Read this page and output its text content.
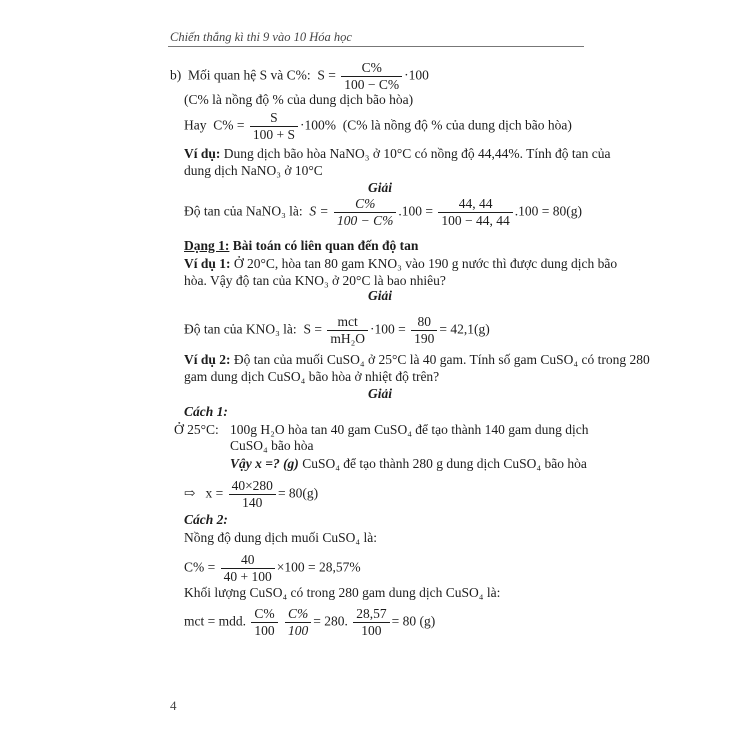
Chiến thắng kì thi 9 vào 10 Hóa học
b) Mối quan hệ S và C%: $S = \frac{C\%}{100 - C\%} \cdot 100$
(C% là nồng độ % của dung dịch bão hòa)
Hay $C\% = \frac{S}{100 + S} \cdot 100\%$ (C% là nồng độ % của dung dịch bão hòa)
Ví dụ: Dung dịch bão hòa NaNO₃ ở 10°C có nồng độ 44,44%. Tính độ tan của
dung dịch NaNO₃ ở 10°C
Giải
Độ tan của NaNO₃ là: $S = \frac{C\%}{100 - C\%} .100 = \frac{44, 44}{100 - 44, 44} .100 = 80(g)$
Dạng 1: Bài toán có liên quan đến độ tan
Ví dụ 1: Ở 20°C, hòa tan 80 gam KNO₃ vào 190 g nước thì được dung dịch bão
hòa. Vậy độ tan của KNO₃ ở 20°C là bao nhiêu?
Giải
Độ tan của KNO₃ là: $S = \frac{\text{mct}}{\text{mH₂O}} \cdot 100 = \frac{80}{190} = 42,1(g)$
Ví dụ 2: Độ tan của muối CuSO₄ ở 25°C là 40 gam. Tính số gam CuSO₄ có trong 280
gam dung dịch CuSO₄ bão hòa ở nhiệt độ trên?
Giải
Cách 1:
Ở 25°C: 100g H₂O hòa tan 40 gam CuSO₄ để tạo thành 140 gam dung dịch
CuSO₄ bão hòa
Vậy x =? (g) CuSO₄ để tạo thành 280 g dung dịch CuSO₄ bão hòa
⇨ $x = \frac{40\times 280}{140} = 80(g)$
Cách 2:
Nồng độ dung dịch muối CuSO₄ là:
$C\% = \frac{40}{40 + 100} \times 100 = 28,57\%$
Khối lượng CuSO₄ có trong 280 gam dung dịch CuSO₄ là:
mct = mdd. $\frac{C\%}{100}$
$\frac{C\%}{100} = 280$. $\frac{28,57}{100} = 80$ (g)
4
